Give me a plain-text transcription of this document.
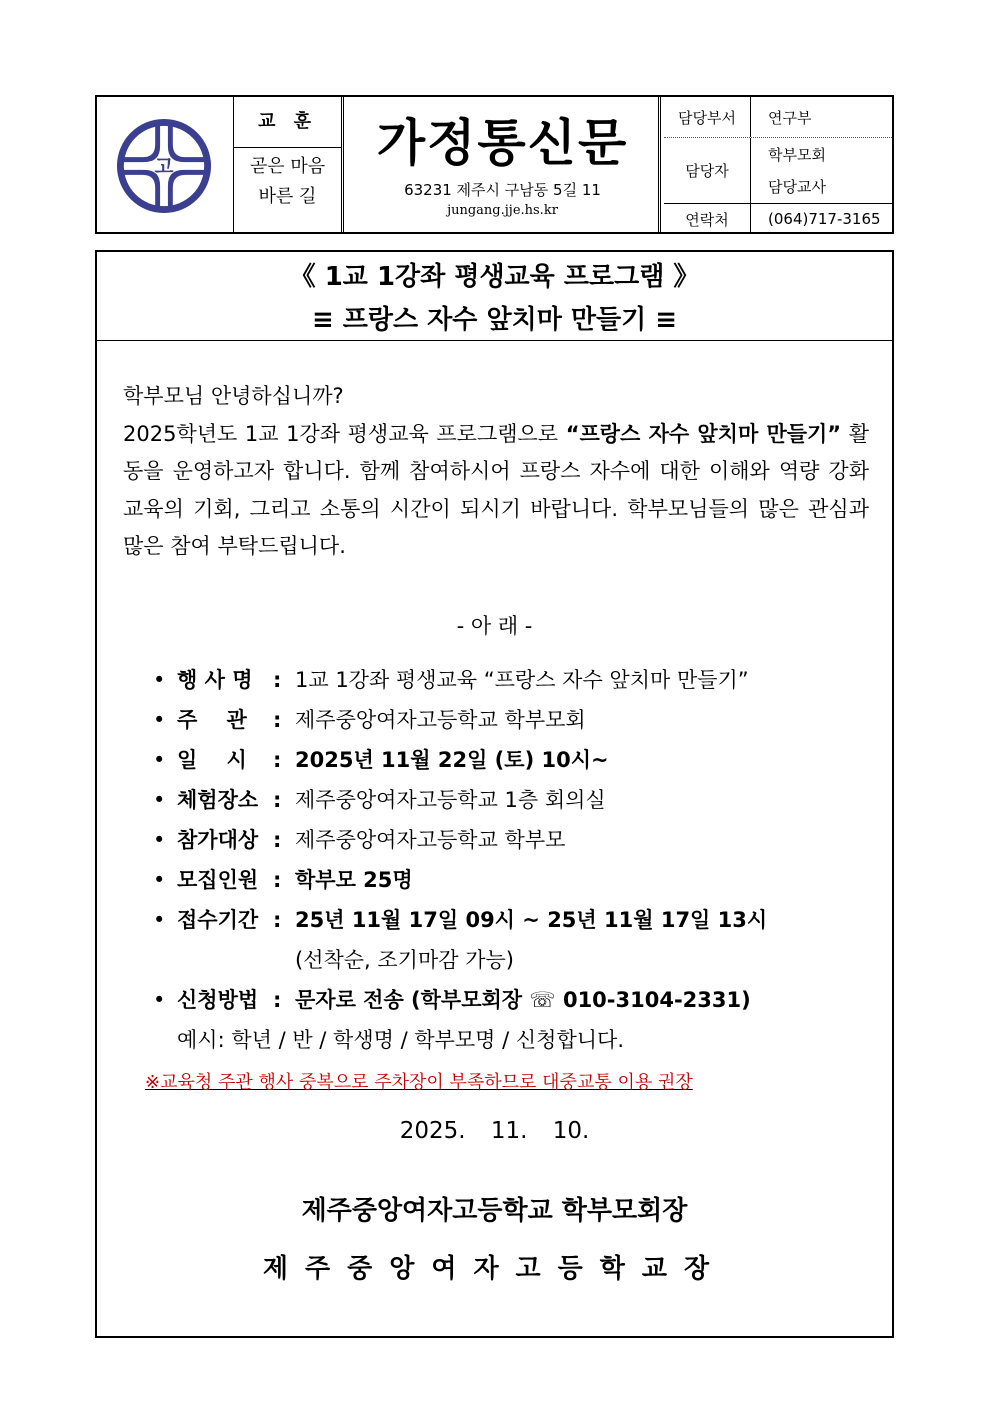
고
교 훈
곧은 마음
바른 길
가정통신문
63231 제주시 구남동 5길 11
jungang.jje.hs.kr
담당부서	연구부
담당자
학부모회
담당교사
연락처	(064)717-3165
《 1교 1강좌 평생교육 프로그램 》
≡ 프랑스 자수 앞치마 만들기 ≡

학부모님 안녕하십니까?

2025학년도 1교 1강좌 평생교육 프로그램으로 “프랑스 자수 앞치마 만들기” 활동을 운영하고자 합니다. 함께 참여하시어 프랑스 자수에 대한 이해와 역량 강화 교육의 기회, 그리고 소통의 시간이 되시기 바랍니다. 학부모님들의 많은 관심과 많은 참여 부탁드립니다.

- 아 래 -
• 행 사 명 : 1교 1강좌 평생교육 “프랑스 자수 앞치마 만들기”
• 주    관 : 제주중앙여자고등학교 학부모회
• 일    시 : 2025년 11월 22일 (토) 10시~
• 체험장소 : 제주중앙여자고등학교 1층 회의실
• 참가대상 : 제주중앙여자고등학교 학부모
• 모집인원 : 학부모 25명
• 접수기간 : 25년 11월 17일 09시 ~ 25년 11월 17일 13시
(선착순, 조기마감 가능)
• 신청방법 : 문자로 전송 (학부모회장 ☏ 010-3104-2331)
예시: 학년 / 반 / 학생명 / 학부모명 / 신청합니다.
※교육청 주관 행사 중복으로 주차장이 부족하므로 대중교통 이용 권장
2025. 11. 10.
제주중앙여자고등학교 학부모회장
제주중앙여자고등학교장
